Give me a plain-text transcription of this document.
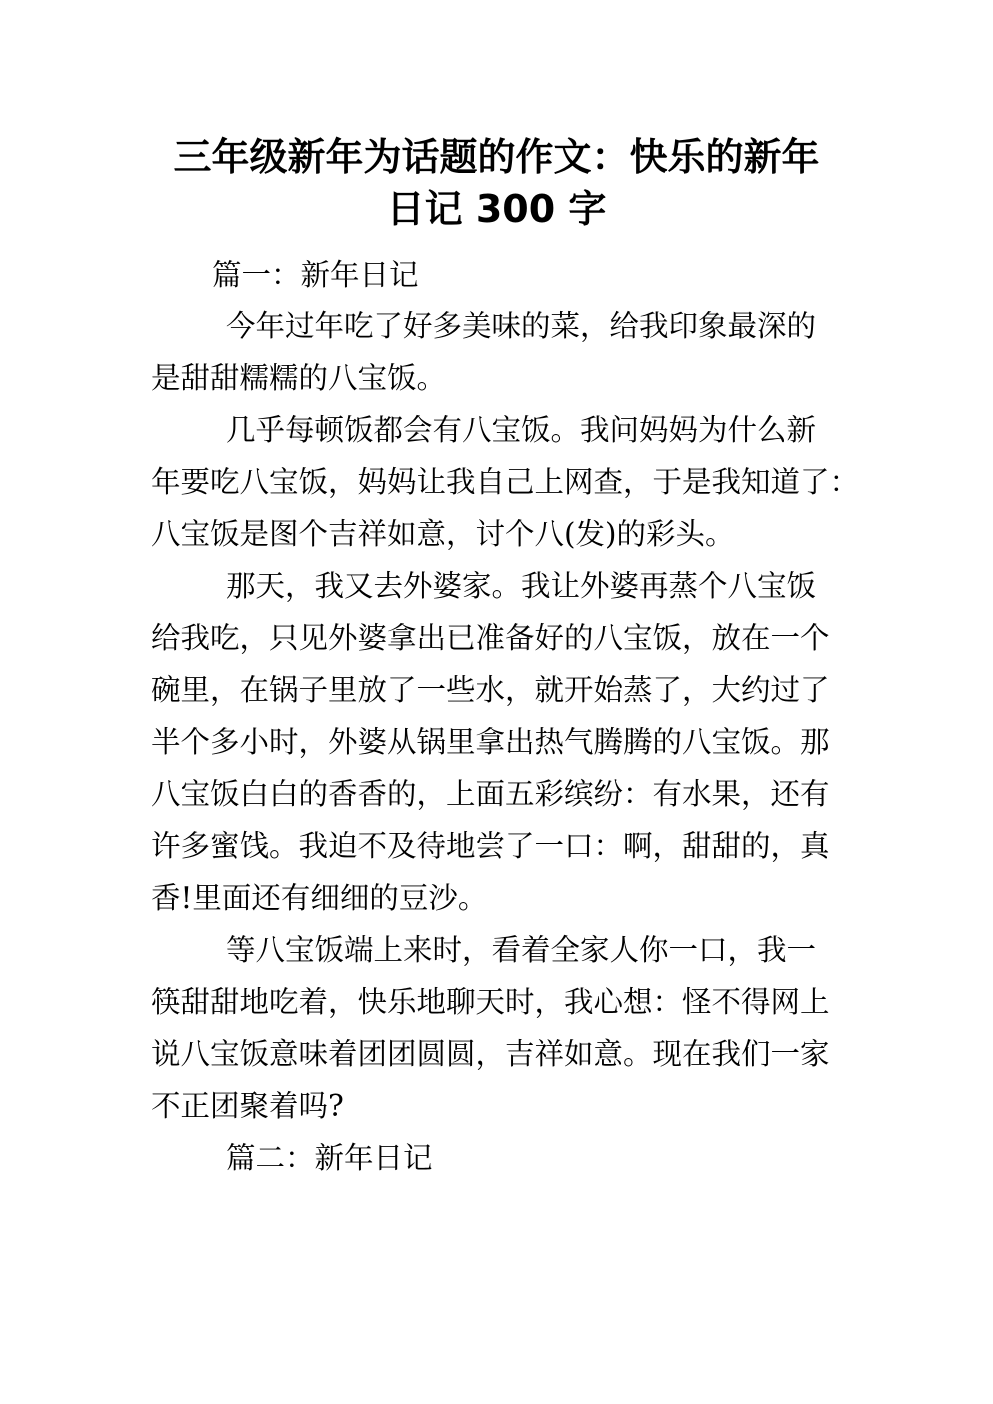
三年级新年为话题的作文：快乐的新年
日记 300 字

篇一：新年日记

今年过年吃了好多美味的菜，给我印象最深的

是甜甜糯糯的八宝饭。

几乎每顿饭都会有八宝饭。我问妈妈为什么新

年要吃八宝饭，妈妈让我自己上网查，于是我知道了：

八宝饭是图个吉祥如意，讨个八(发)的彩头。

那天，我又去外婆家。我让外婆再蒸个八宝饭

给我吃，只见外婆拿出已准备好的八宝饭，放在一个

碗里，在锅子里放了一些水，就开始蒸了，大约过了

半个多小时，外婆从锅里拿出热气腾腾的八宝饭。那

八宝饭白白的香香的，上面五彩缤纷：有水果，还有

许多蜜饯。我迫不及待地尝了一口：啊，甜甜的，真

香!里面还有细细的豆沙。

等八宝饭端上来时，看着全家人你一口，我一

筷甜甜地吃着，快乐地聊天时，我心想：怪不得网上

说八宝饭意味着团团圆圆，吉祥如意。现在我们一家

不正团聚着吗?

篇二：新年日记
